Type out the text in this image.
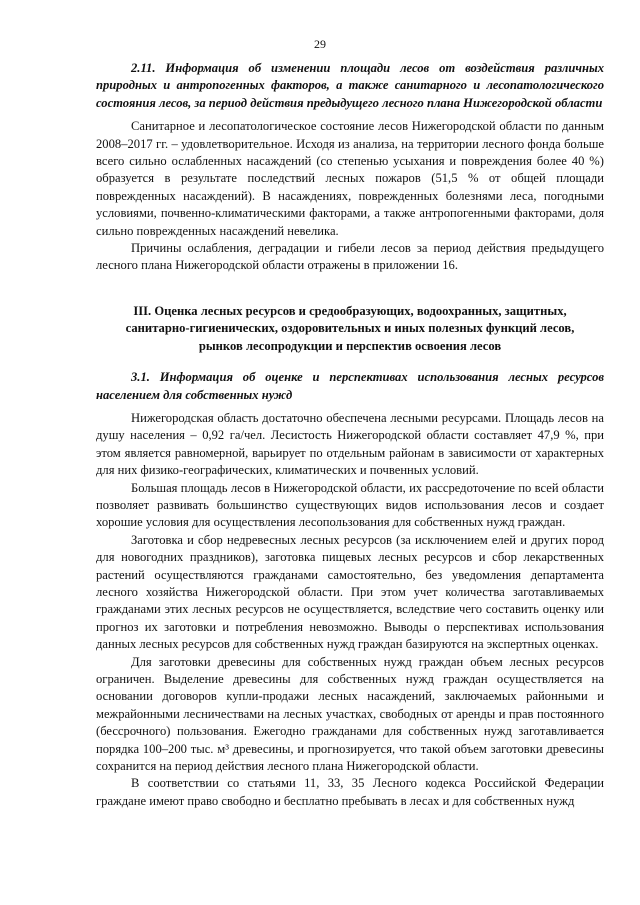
29

2.11. Информация об изменении площади лесов от воздействия различных природных и антропогенных факторов, а также санитарного и лесопатологического состояния лесов, за период действия предыдущего лесного плана Нижегородской области

Санитарное и лесопатологическое состояние лесов Нижегородской области по данным 2008–2017 гг. – удовлетворительное. Исходя из анализа, на территории лесного фонда больше всего сильно ослабленных насаждений (со степенью усыхания и повреждения более 40 %) образуется в результате последствий лесных пожаров (51,5 % от общей площади поврежденных насаждений). В насаждениях, поврежденных болезнями леса, погодными условиями, почвенно-климатическими факторами, а также антропогенными факторами, доля сильно поврежденных насаждений невелика.

Причины ослабления, деградации и гибели лесов за период действия предыдущего лесного плана Нижегородской области отражены в приложении 16.

III. Оценка лесных ресурсов и средообразующих, водоохранных, защитных, санитарно-гигиенических, оздоровительных и иных полезных функций лесов, рынков лесопродукции и перспектив освоения лесов

3.1. Информация об оценке и перспективах использования лесных ресурсов населением для собственных нужд

Нижегородская область достаточно обеспечена лесными ресурсами. Площадь лесов на душу населения – 0,92 га/чел. Лесистость Нижегородской области составляет 47,9 %, при этом является равномерной, варьирует по отдельным районам в зависимости от характерных для них физико-географических, климатических и почвенных условий.

Большая площадь лесов в Нижегородской области, их рассредоточение по всей области позволяет развивать большинство существующих видов использования лесов и создает хорошие условия для осуществления лесопользования для собственных нужд граждан.

Заготовка и сбор недревесных лесных ресурсов (за исключением елей и других пород для новогодних праздников), заготовка пищевых лесных ресурсов и сбор лекарственных растений осуществляются гражданами самостоятельно, без уведомления департамента лесного хозяйства Нижегородской области. При этом учет количества заготавливаемых гражданами этих лесных ресурсов не осуществляется, вследствие чего составить оценку или прогноз их заготовки и потребления невозможно. Выводы о перспективах использования данных лесных ресурсов для собственных нужд граждан базируются на экспертных оценках.

Для заготовки древесины для собственных нужд граждан объем лесных ресурсов ограничен. Выделение древесины для собственных нужд граждан осуществляется на основании договоров купли-продажи лесных насаждений, заключаемых районными и межрайонными лесничествами на лесных участках, свободных от аренды и прав постоянного (бессрочного) пользования. Ежегодно гражданами для собственных нужд заготавливается порядка 100–200 тыс. м³ древесины, и прогнозируется, что такой объем заготовки древесины сохранится на период действия лесного плана Нижегородской области.

В соответствии со статьями 11, 33, 35 Лесного кодекса Российской Федерации граждане имеют право свободно и бесплатно пребывать в лесах и для собственных нужд
